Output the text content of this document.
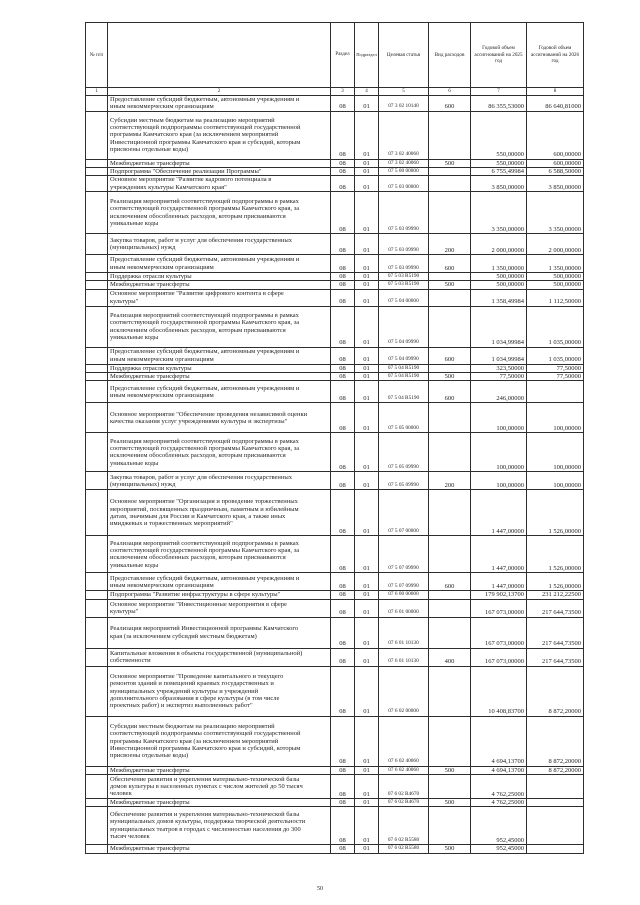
№ п/п		Раздел	Подраздел	Целевая статья	Вид расходов	Годовой объем ассигнований на 2025 год	Годовой объем ассигнований на 2026 год
1	2	3	4	5	6	7	8
	Предоставление субсидий бюджетным, автономным учреждениям и
иным некоммерческим организациям	08	01	07 3 02 10140	600	86 355,53000	86 640,81000
	Субсидии местным бюджетам на реализацию мероприятий
соответствующей подпрограммы соответствующей государственной
программы Камчатского края (за исключением мероприятий
Инвестиционной программы Камчатского края и субсидий, которым
присвоены отдельные коды)	08	01	07 3 02 40060		550,00000	600,00000
	Межбюджетные трансферты	08	01	07 3 02 40060	500	550,00000	600,00000
	Подпрограмма "Обеспечение реализации Программы"	08	01	07 5 00 00000		6 755,49984	6 588,50000
	Основное мероприятие "Развитие кадрового потенциала в
учреждениях культуры Камчатского края"	08	01	07 5 03 00000		3 850,00000	3 850,00000
	Реализация мероприятий соответствующей подпрограммы в рамках
соответствующей государственной программы Камчатского края, за
исключением обособленных расходов, которым присваиваются
уникальные коды	08	01	07 5 03 09990		3 350,00000	3 350,00000
	Закупка товаров, работ и услуг для обеспечения государственных
(муниципальных) нужд	08	01	07 5 03 09990	200	2 000,00000	2 000,00000
	Предоставление субсидий бюджетным, автономным учреждениям и
иным некоммерческим организациям	08	01	07 5 03 09990	600	1 350,00000	1 350,00000
	Поддержка отрасли культуры	08	01	07 5 03 R5190		500,00000	500,00000
	Межбюджетные трансферты	08	01	07 5 03 R5190	500	500,00000	500,00000
	Основное мероприятие "Развитие цифрового контента в сфере
культуры"	08	01	07 5 04 00000		1 358,49984	1 112,50000
	Реализация мероприятий соответствующей подпрограммы в рамках
соответствующей государственной программы Камчатского края, за
исключением обособленных расходов, которым присваиваются
уникальные коды	08	01	07 5 04 09990		1 034,99984	1 035,00000
	Предоставление субсидий бюджетным, автономным учреждениям и
иным некоммерческим организациям	08	01	07 5 04 09990	600	1 034,99984	1 035,00000
	Поддержка отрасли культуры	08	01	07 5 04 R5190		323,50000	77,50000
	Межбюджетные трансферты	08	01	07 5 04 R5190	500	77,50000	77,50000
	Предоставление субсидий бюджетным, автономным учреждениям и
иным некоммерческим организациям	08	01	07 5 04 R5190	600	246,00000	
	Основное мероприятие "Обеспечение проведения независимой оценки
качества оказания услуг учреждениями культуры и экспертизы"	08	01	07 5 05 00000		100,00000	100,00000
	Реализация мероприятий соответствующей подпрограммы в рамках
соответствующей государственной программы Камчатского края, за
исключением обособленных расходов, которым присваиваются
уникальные коды	08	01	07 5 05 09990		100,00000	100,00000
	Закупка товаров, работ и услуг для обеспечения государственных
(муниципальных) нужд	08	01	07 5 05 09990	200	100,00000	100,00000
	Основное мероприятие "Организация и проведение торжественных
мероприятий, посвященных праздничным, памятным и юбилейным
датам, значимым для России и Камчатского края, а также иных
имиджевых и торжественных мероприятий"	08	01	07 5 07 00000		1 447,00000	1 526,00000
	Реализация мероприятий соответствующей подпрограммы в рамках
соответствующей государственной программы Камчатского края, за
исключением обособленных расходов, которым присваиваются
уникальные коды	08	01	07 5 07 09990		1 447,00000	1 526,00000
	Предоставление субсидий бюджетным, автономным учреждениям и
иным некоммерческим организациям	08	01	07 5 07 09990	600	1 447,00000	1 526,00000
	Подпрограмма "Развитие инфраструктуры в сфере культуры"	08	01	07 6 00 00000		179 902,13700	231 212,22500
	Основное мероприятие "Инвестиционные мероприятия в сфере
культуры"	08	01	07 6 01 00000		167 073,00000	217 644,73500
	Реализация мероприятий Инвестиционной программы Камчатского
края (за исключением субсидий местным бюджетам)	08	01	07 6 01 10130		167 073,00000	217 644,73500
	Капитальные вложения в объекты государственной (муниципальной)
собственности	08	01	07 6 01 10130	400	167 073,00000	217 644,73500
	Основное мероприятие "Проведение капитального и текущего
ремонтов зданий и помещений краевых государственных и
муниципальных учреждений культуры и учреждений
дополнительного образования в сфере культуры (в том числе
проектных работ) и экспертиз выполненных работ"	08	01	07 6 02 00000		10 408,83700	8 872,20000
	Субсидии местным бюджетам на реализацию мероприятий
соответствующей подпрограммы соответствующей государственной
программы Камчатского края (за исключением мероприятий
Инвестиционной программы Камчатского края и субсидий, которым
присвоены отдельные коды)	08	01	07 6 02 40060		4 694,13700	8 872,20000
	Межбюджетные трансферты	08	01	07 6 02 40060	500	4 694,13700	8 872,20000
	Обеспечение развития и укрепления материально-технической базы
домов культуры в населенных пунктах с числом жителей до 50 тысяч
человек	08	01	07 6 02 R4670		4 762,25000	
	Межбюджетные трансферты	08	01	07 6 02 R4670	500	4 762,25000	
	Обеспечение развития и укрепления материально-технической базы
муниципальных домов культуры, поддержка творческой деятельности
муниципальных театров в городах с численностью населения до 300
тысяч человек	08	01	07 6 02 R5580		952,45000	
	Межбюджетные трансферты	08	01	07 6 02 R5580	500	952,45000	
50
